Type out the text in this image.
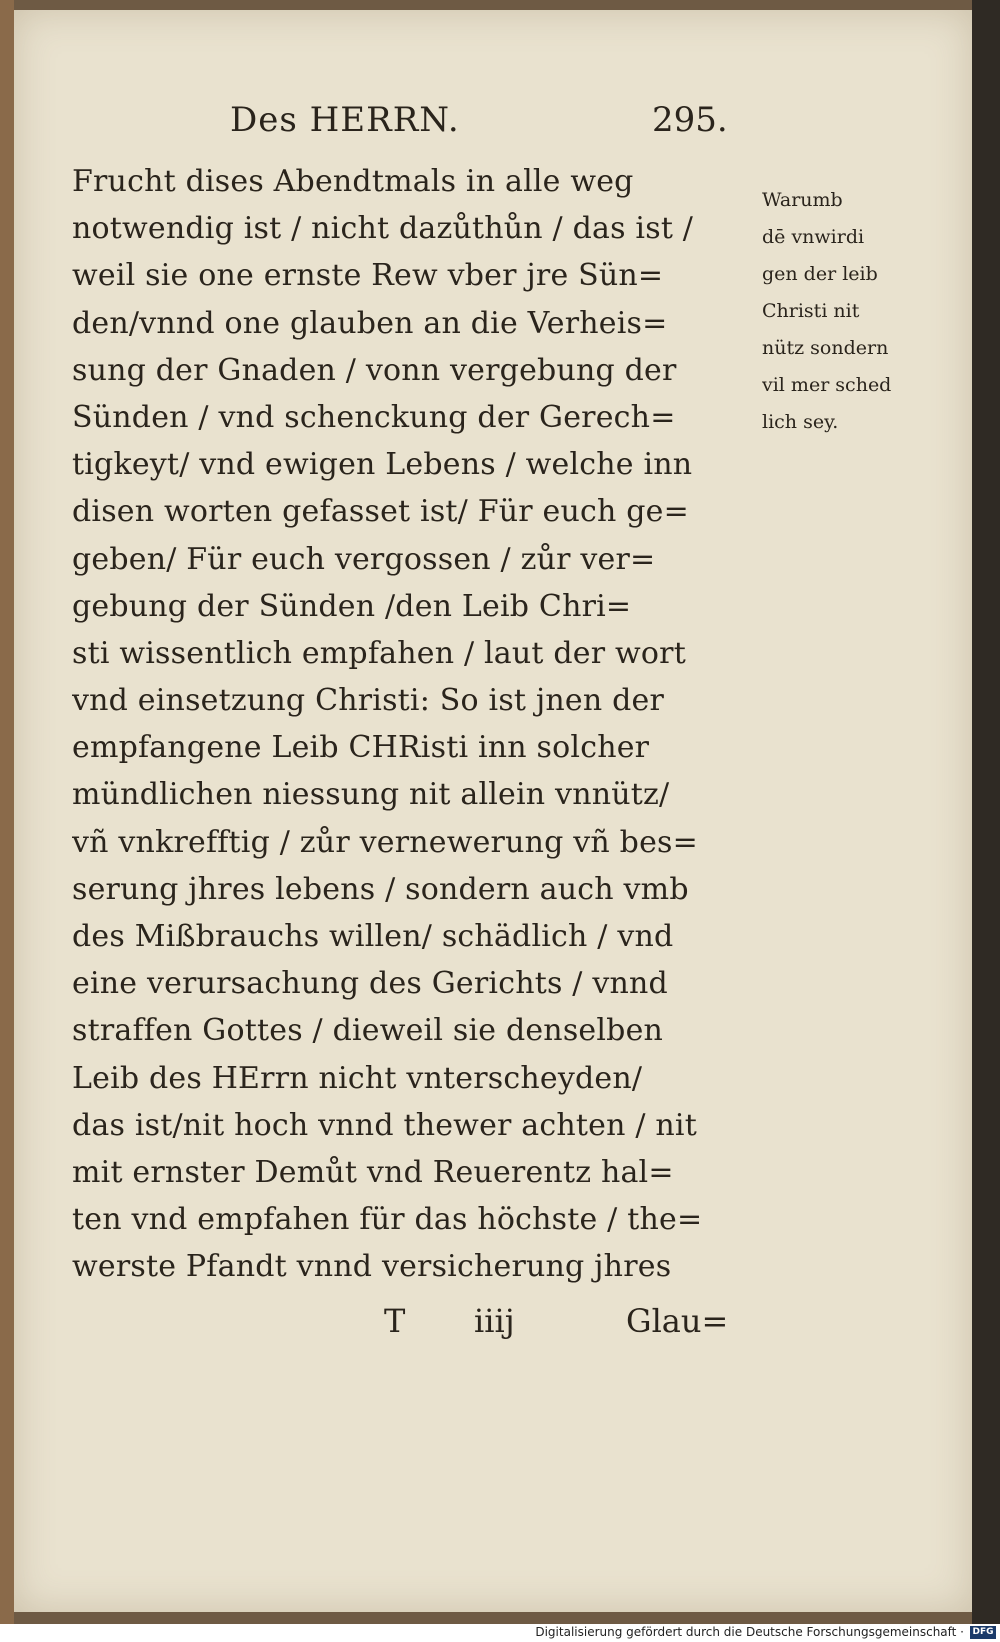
Des HERRN.	295.
Frucht dises Abendtmals in alle weg
notwendig ist / nicht dazůthůn / das ist /
weil sie one ernste Rew vber jre Sün=
den/vnnd one glauben an die Verheis=
sung der Gnaden / vonn vergebung der
Sünden / vnd schenckung der Gerech=
tigkeyt/ vnd ewigen Lebens / welche inn
disen worten gefasset ist/ Für euch ge=
geben/ Für euch vergossen / zůr ver=
gebung der Sünden /den Leib Chri=
sti wissentlich empfahen / laut der wort
vnd einsetzung Christi: So ist jnen der
empfangene Leib CHRisti inn solcher
mündlichen niessung nit allein vnnütz/
vñ vnkrefftig / zůr vernewerung vñ bes=
serung jhres lebens / sondern auch vmb
des Mißbrauchs willen/ schädlich / vnd
eine verursachung des Gerichts / vnnd
straffen Gottes / dieweil sie denselben
Leib des HErrn nicht vnterscheyden/
das ist/nit hoch vnnd thewer achten / nit
mit ernster Demůt vnd Reuerentz hal=
ten vnd empfahen für das höchste / the=
werste Pfandt vnnd versicherung jhres
Warumb
dē vnwirdi
gen der leib
Christi nit
nütz sondern
vil mer sched
lich sey.
T iiij	Glau=
Digitalisierung gefördert durch die Deutsche Forschungsgemeinschaft · DFG
